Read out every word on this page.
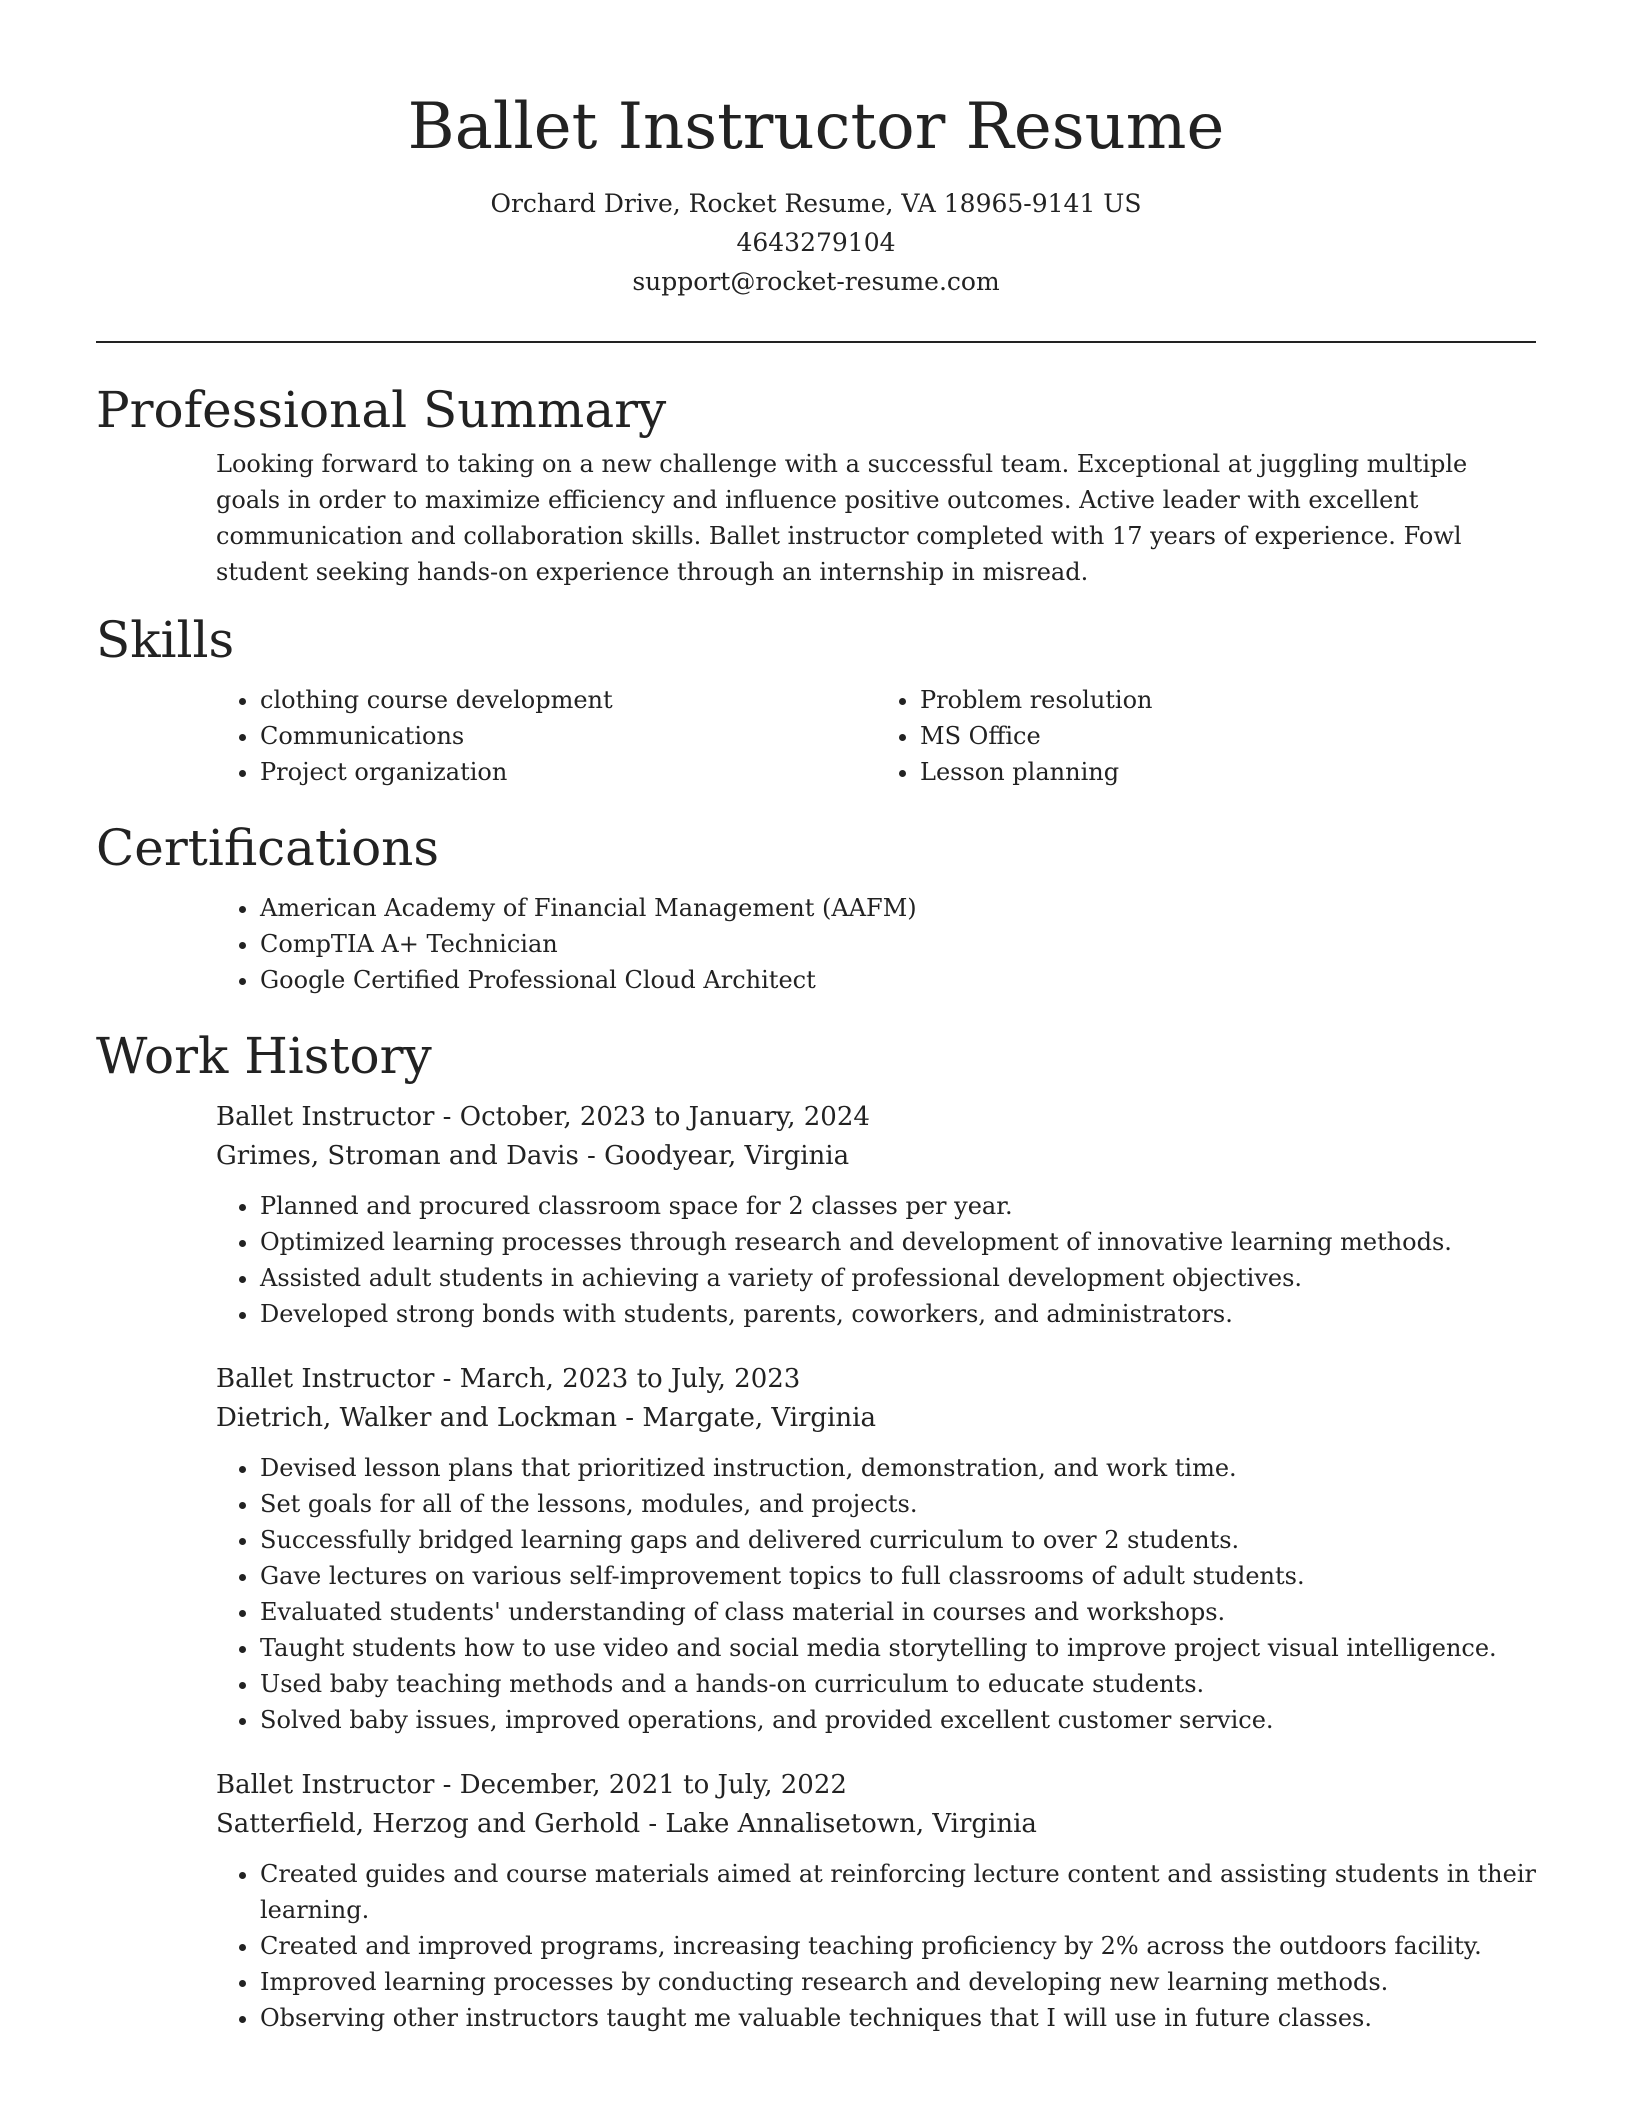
Ballet Instructor Resume
Orchard Drive, Rocket Resume, VA 18965-9141 US
4643279104
support@rocket-resume.com
Professional Summary

Looking forward to taking on a new challenge with a successful team. Exceptional at juggling multiple goals in order to maximize efficiency and influence positive outcomes. Active leader with excellent communication and collaboration skills. Ballet instructor completed with 17 years of experience. Fowl student seeking hands-on experience through an internship in misread.

Skills
• clothing course development
• Communications
• Project organization
• Problem resolution
• MS Office
• Lesson planning
Certifications
• American Academy of Financial Management (AAFM)
• CompTIA A+ Technician
• Google Certified Professional Cloud Architect
Work History
Ballet Instructor - October, 2023 to January, 2024
Grimes, Stroman and Davis - Goodyear, Virginia
• Planned and procured classroom space for 2 classes per year.
• Optimized learning processes through research and development of innovative learning methods.
• Assisted adult students in achieving a variety of professional development objectives.
• Developed strong bonds with students, parents, coworkers, and administrators.
Ballet Instructor - March, 2023 to July, 2023
Dietrich, Walker and Lockman - Margate, Virginia
• Devised lesson plans that prioritized instruction, demonstration, and work time.
• Set goals for all of the lessons, modules, and projects.
• Successfully bridged learning gaps and delivered curriculum to over 2 students.
• Gave lectures on various self-improvement topics to full classrooms of adult students.
• Evaluated students' understanding of class material in courses and workshops.
• Taught students how to use video and social media storytelling to improve project visual intelligence.
• Used baby teaching methods and a hands-on curriculum to educate students.
• Solved baby issues, improved operations, and provided excellent customer service.
Ballet Instructor - December, 2021 to July, 2022
Satterfield, Herzog and Gerhold - Lake Annalisetown, Virginia
• Created guides and course materials aimed at reinforcing lecture content and assisting students in their learning.
• Created and improved programs, increasing teaching proficiency by 2% across the outdoors facility.
• Improved learning processes by conducting research and developing new learning methods.
• Observing other instructors taught me valuable techniques that I will use in future classes.
